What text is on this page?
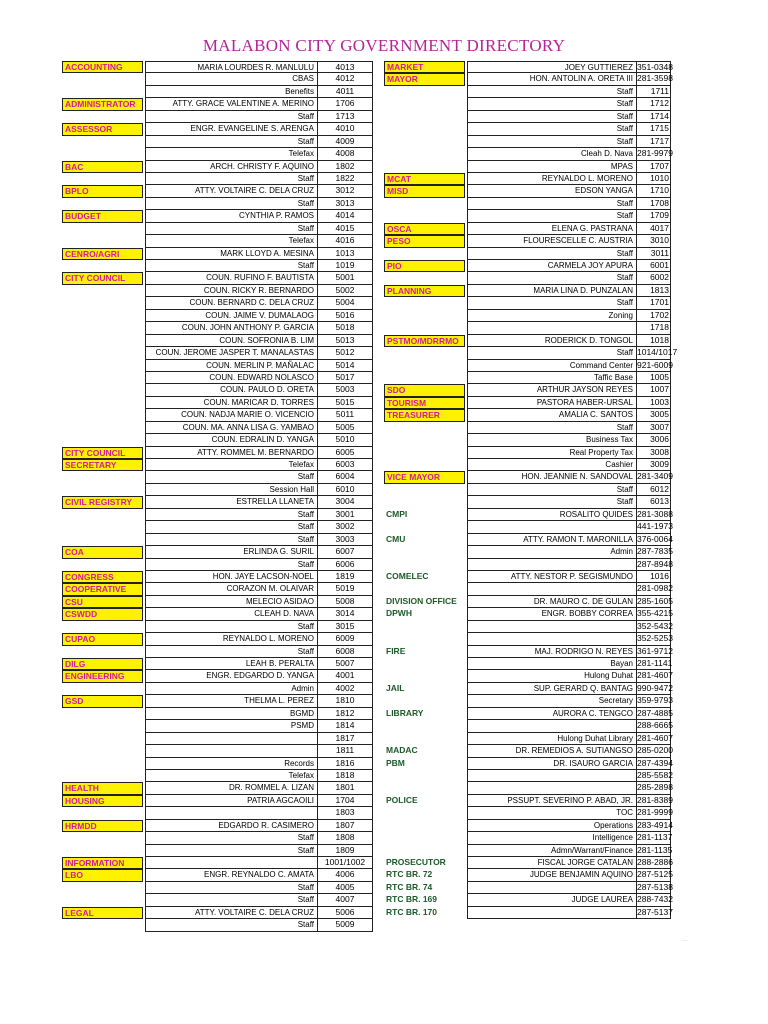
MALABON CITY GOVERNMENT DIRECTORY
ACCOUNTING	MARIA LOURDES R. MANLULU	4013
CBAS	4012
Benefits	4011
ADMINISTRATOR	ATTY. GRACE VALENTINE A. MERINO	1706
Staff	1713
ASSESSOR	ENGR. EVANGELINE S. ARENGA	4010
Staff	4009
Telefax	4008
BAC	ARCH. CHRISTY F. AQUINO	1802
Staff	1822
BPLO	ATTY. VOLTAIRE C. DELA CRUZ	3012
Staff	3013
BUDGET	CYNTHIA P. RAMOS	4014
Staff	4015
Telefax	4016
CENRO/AGRI	MARK LLOYD A. MESINA	1013
Staff	1019
CITY COUNCIL	COUN. RUFINO F. BAUTISTA	5001
COUN. RICKY R. BERNARDO	5002
COUN. BERNARD C. DELA CRUZ	5004
COUN. JAIME V. DUMALAOG	5016
COUN. JOHN ANTHONY P. GARCIA	5018
COUN. SOFRONIA B. LIM	5013
COUN. JEROME JASPER T. MANALASTAS	5012
COUN. MERLIN P. MAÑALAC	5014
COUN. EDWARD NOLASCO	5017
COUN. PAULO D. ORETA	5003
COUN. MARICAR D. TORRES	5015
COUN. NADJA MARIE O. VICENCIO	5011
COUN. MA. ANNA LISA G. YAMBAO	5005
COUN. EDRALIN D. YANGA	5010
CITY COUNCIL	ATTY. ROMMEL M. BERNARDO	6005
SECRETARY	Telefax	6003
Staff	6004
Session Hall	6010
CIVIL REGISTRY	ESTRELLA LLANETA	3004
Staff	3001
Staff	3002
Staff	3003
COA	ERLINDA G. SURIL	6007
Staff	6006
CONGRESS	HON. JAYE LACSON-NOEL	1819
COOPERATIVE	CORAZON M. OLAIVAR	5019
CSU	MELECIO ASIDAO	5008
CSWDD	CLEAH D. NAVA	3014
Staff	3015
CUPAO	REYNALDO L. MORENO	6009
Staff	6008
DILG	LEAH B. PERALTA	5007
ENGINEERING	ENGR. EDGARDO D. YANGA	4001
Admin	4002
GSD	THELMA L. PEREZ	1810
BGMD	1812
PSMD	1814
1817
1811
Records	1816
Telefax	1818
HEALTH	DR. ROMMEL A. LIZAN	1801
HOUSING	PATRIA AGCAOILI	1704
1803
HRMDD	EDGARDO R. CASIMERO	1807
Staff	1808
Staff	1809
INFORMATION	1001/1002
LBO	ENGR. REYNALDO C. AMATA	4006
Staff	4005
Staff	4007
LEGAL	ATTY. VOLTAIRE C. DELA CRUZ	5006
Staff	5009
MARKET	JOEY GUTTIEREZ 351-0348
MAYOR	HON. ANTOLIN A. ORETA III 281-3598
Staff	1711
Staff	1712
Staff	1714
Staff	1715
Staff	1717
Cleah D. Nava 281-9979
MPAS	1707
MCAT	REYNALDO L. MORENO	1010
MISD	EDSON YANGA	1710
Staff	1708
Staff	1709
OSCA	ELENA G. PASTRANA	4017
PESO	FLOURESCELLE C. AUSTRIA	3010
Staff	3011
PIO	CARMELA JOY APURA	6001
Staff	6002
PLANNING	MARIA LINA D. PUNZALAN	1813
Staff	1701
Zoning	1702
1718
PSTMO/MDRRMO	RODERICK D. TONGOL	1018
Staff 1014/1017
Command Center 921-6009
Taffic Base	1005
SDO	ARTHUR JAYSON REYES	1007
TOURISM	PASTORA HABER-URSAL	1003
TREASURER	AMALIA C. SANTOS	3005
Staff	3007
Business Tax	3006
Real Property Tax	3008
Cashier	3009
VICE MAYOR	HON. JEANNIE N. SANDOVAL 281-3409
Staff	6012
Staff	6013
CMPI	ROSALITO QUIDES 281-3088
441-1973
CMU	ATTY. RAMON T. MARONILLA 376-0064
Admin 287-7835
287-8948
COMELEC	ATTY. NESTOR P. SEGISMUNDO	1016
281-0982
DIVISION OFFICE	DR. MAURO C. DE GULAN 285-1605
DPWH	ENGR. BOBBY CORREA 355-4215
352-5432
352-5253
FIRE	MAJ. RODRIGO N. REYES 361-9712
Bayan 281-1141
Hulong Duhat 281-4607
JAIL	SUP. GERARD Q. BANTAG 990-9472
Secretary 359-9793
LIBRARY	AURORA C. TENGCO 287-4885
288-6665
Hulong Duhat Library 281-4607
MADAC	DR. REMEDIOS A. SUTIANGSO 285-0200
PBM	DR. ISAURO GARCIA 287-4394
285-5582
285-2898
POLICE	PSSUPT. SEVERINO P. ABAD, JR. 281-8389
TOC 281-9999
Operations 283-4914
Intelligence 281-1137
Admn/Warrant/Finance 281-1135
PROSECUTOR	FISCAL JORGE CATALAN 288-2886
RTC BR. 72	JUDGE BENJAMIN AQUINO 287-5125
RTC BR. 74	287-5138
RTC BR. 169	JUDGE LAUREA 288-7432
RTC BR. 170	287-5137
···
